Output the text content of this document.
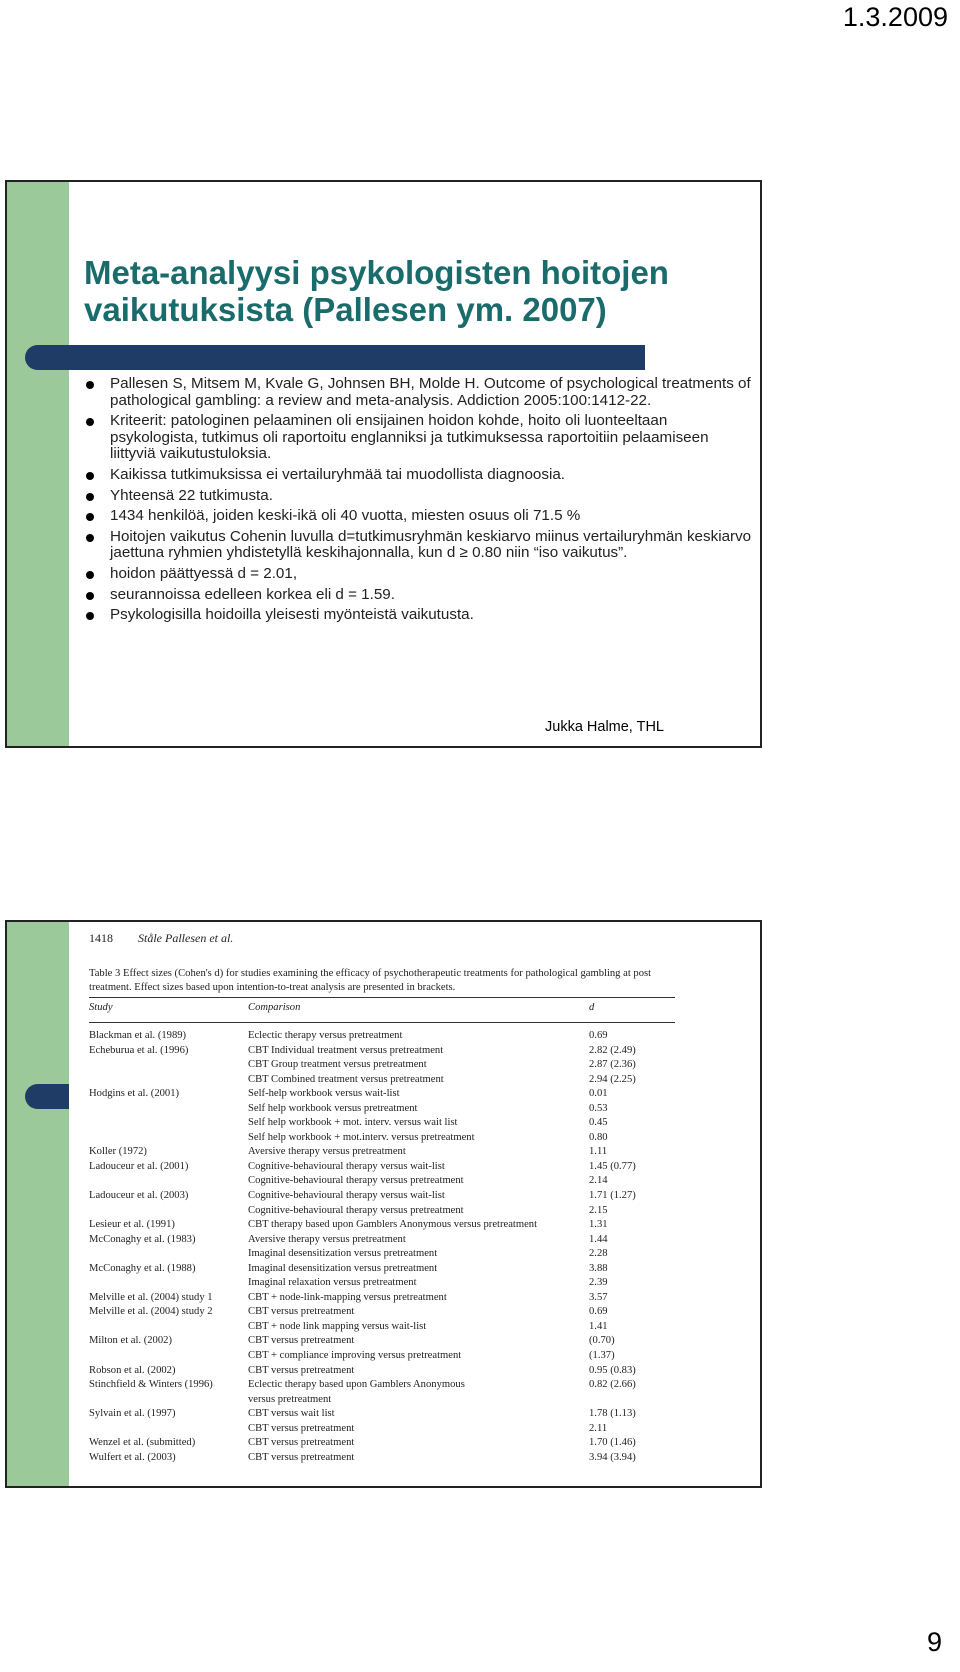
1.3.2009
Meta-analyysi psykologisten hoitojen vaikutuksista (Pallesen ym. 2007)
Pallesen S, Mitsem M, Kvale G, Johnsen BH, Molde H. Outcome of psychological treatments of pathological gambling: a review and meta-analysis. Addiction 2005:100:1412-22.
Kriteerit: patologinen pelaaminen oli ensijainen hoidon kohde, hoito oli luonteeltaan psykologista, tutkimus oli raportoitu englanniksi ja tutkimuksessa raportoitiin pelaamiseen liittyviä vaikutustuloksia.
Kaikissa tutkimuksissa ei vertailuryhmää tai muodollista diagnoosia.
Yhteensä 22 tutkimusta.
1434 henkilöä, joiden keski-ikä oli 40 vuotta, miesten osuus oli 71.5 %
Hoitojen vaikutus Cohenin luvulla d=tutkimusryhmän keskiarvo miinus vertailuryhmän keskiarvo jaettuna ryhmien yhdistetyllä keskihajonnalla, kun d ≥ 0.80 niin “iso vaikutus”.
hoidon päättyessä d = 2.01,
seurannoissa edelleen korkea eli d = 1.59.
Psykologisilla hoidoilla yleisesti myönteistä vaikutusta.
Jukka Halme, THL
1418 Ståle Pallesen et al.
Table 3 Effect sizes (Cohen's d) for studies examining the efficacy of psychotherapeutic treatments for pathological gambling at post treatment. Effect sizes based upon intention-to-treat analysis are presented in brackets.
Study	Comparison	d
Blackman et al. (1989)	Eclectic therapy versus pretreatment	0.69
Echeburua et al. (1996)	CBT Individual treatment versus pretreatment	2.82 (2.49)
CBT Group treatment versus pretreatment	2.87 (2.36)
CBT Combined treatment versus pretreatment	2.94 (2.25)
Hodgins et al. (2001)	Self-help workbook versus wait-list	0.01
Self help workbook versus pretreatment	0.53
Self help workbook + mot. interv. versus wait list	0.45
Self help workbook + mot.interv. versus pretreatment	0.80
Koller (1972)	Aversive therapy versus pretreatment	1.11
Ladouceur et al. (2001)	Cognitive-behavioural therapy versus wait-list	1.45 (0.77)
Cognitive-behavioural therapy versus pretreatment	2.14
Ladouceur et al. (2003)	Cognitive-behavioural therapy versus wait-list	1.71 (1.27)
Cognitive-behavioural therapy versus pretreatment	2.15
Lesieur et al. (1991)	CBT therapy based upon Gamblers Anonymous versus pretreatment	1.31
McConaghy et al. (1983)	Aversive therapy versus pretreatment	1.44
Imaginal desensitization versus pretreatment	2.28
McConaghy et al. (1988)	Imaginal desensitization versus pretreatment	3.88
Imaginal relaxation versus pretreatment	2.39
Melville et al. (2004) study 1	CBT + node-link-mapping versus pretreatment	3.57
Melville et al. (2004) study 2	CBT versus pretreatment	0.69
CBT + node link mapping versus wait-list	1.41
Milton et al. (2002)	CBT versus pretreatment	(0.70)
CBT + compliance improving versus pretreatment	(1.37)
Robson et al. (2002)	CBT versus pretreatment	0.95 (0.83)
Stinchfield & Winters (1996)	Eclectic therapy based upon Gamblers Anonymous	0.82 (2.66)
versus pretreatment
Sylvain et al. (1997)	CBT versus wait list	1.78 (1.13)
CBT versus pretreatment	2.11
Wenzel et al. (submitted)	CBT versus pretreatment	1.70 (1.46)
Wulfert et al. (2003)	CBT versus pretreatment	3.94 (3.94)
9
